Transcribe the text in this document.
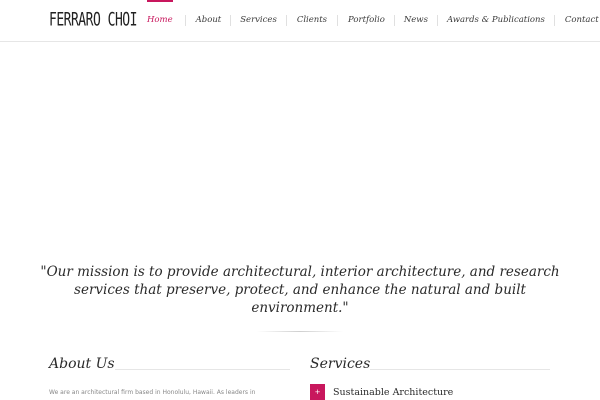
FERRARO CHOI Home	About Services Clients Portfolio News Awards & Publications Contact
"Our mission is to provide architectural, interior architecture, and research services that preserve, protect, and enhance the natural and built environment."
About Us
We are an architectural firm based in Honolulu, Hawaii. As leaders in
Services
+	Sustainable Architecture
